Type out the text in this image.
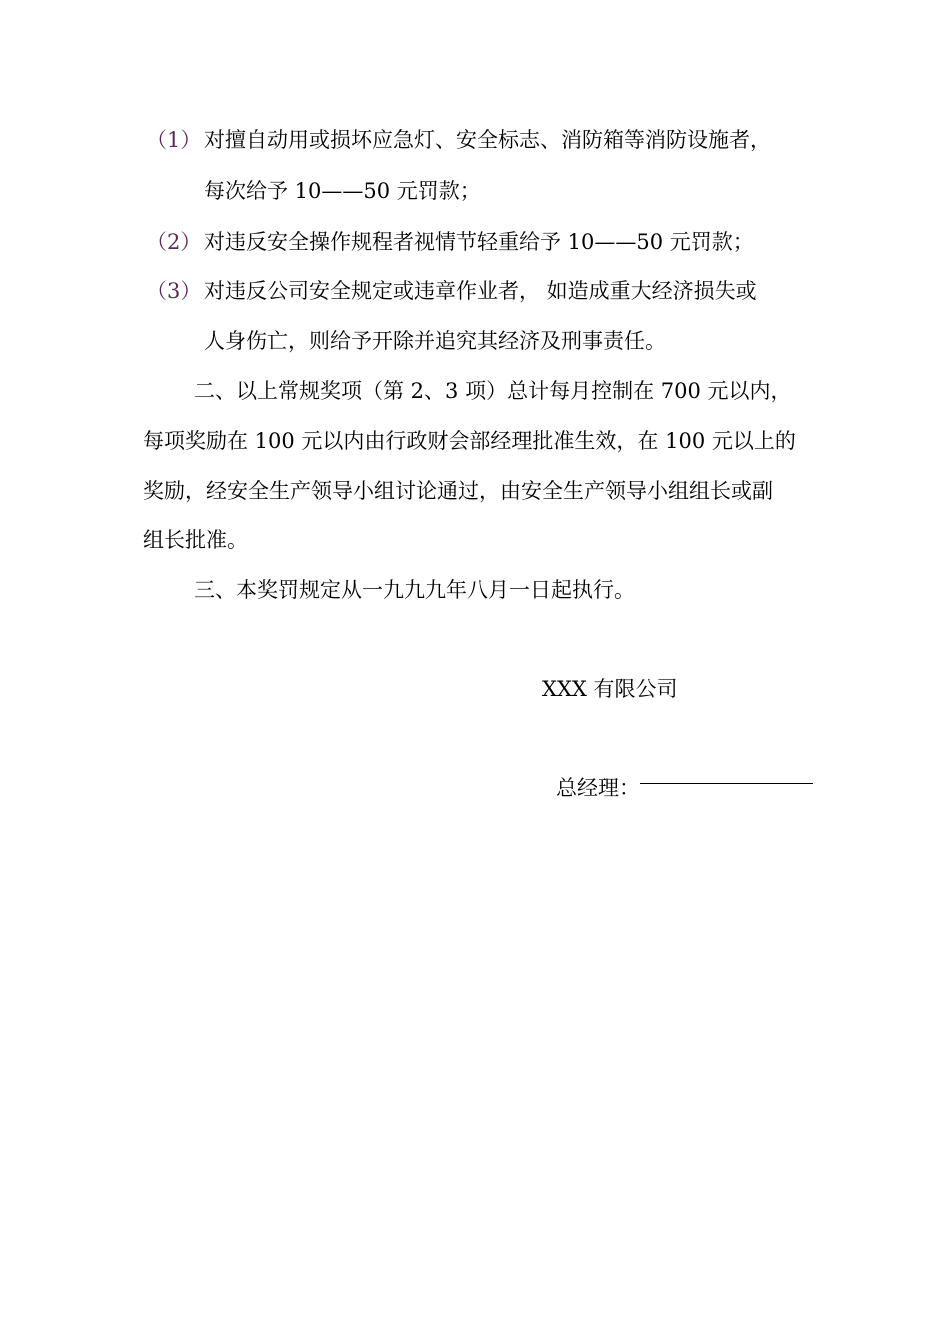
（1） 对擅自动用或损坏应急灯、安全标志、消防箱等消防设施者，
每次给予 10——50 元罚款；
（2） 对违反安全操作规程者视情节轻重给予 10——50 元罚款；
（3） 对违反公司安全规定或违章作业者， 如造成重大经济损失或
人身伤亡，则给予开除并追究其经济及刑事责任。
二、以上常规奖项（第 2、3 项）总计每月控制在 700 元以内，
每项奖励在 100 元以内由行政财会部经理批准生效，在 100 元以上的
奖励，经安全生产领导小组讨论通过，由安全生产领导小组组长或副
组长批准。
三、本奖罚规定从一九九九年八月一日起执行。
XXX 有限公司
总经理：
